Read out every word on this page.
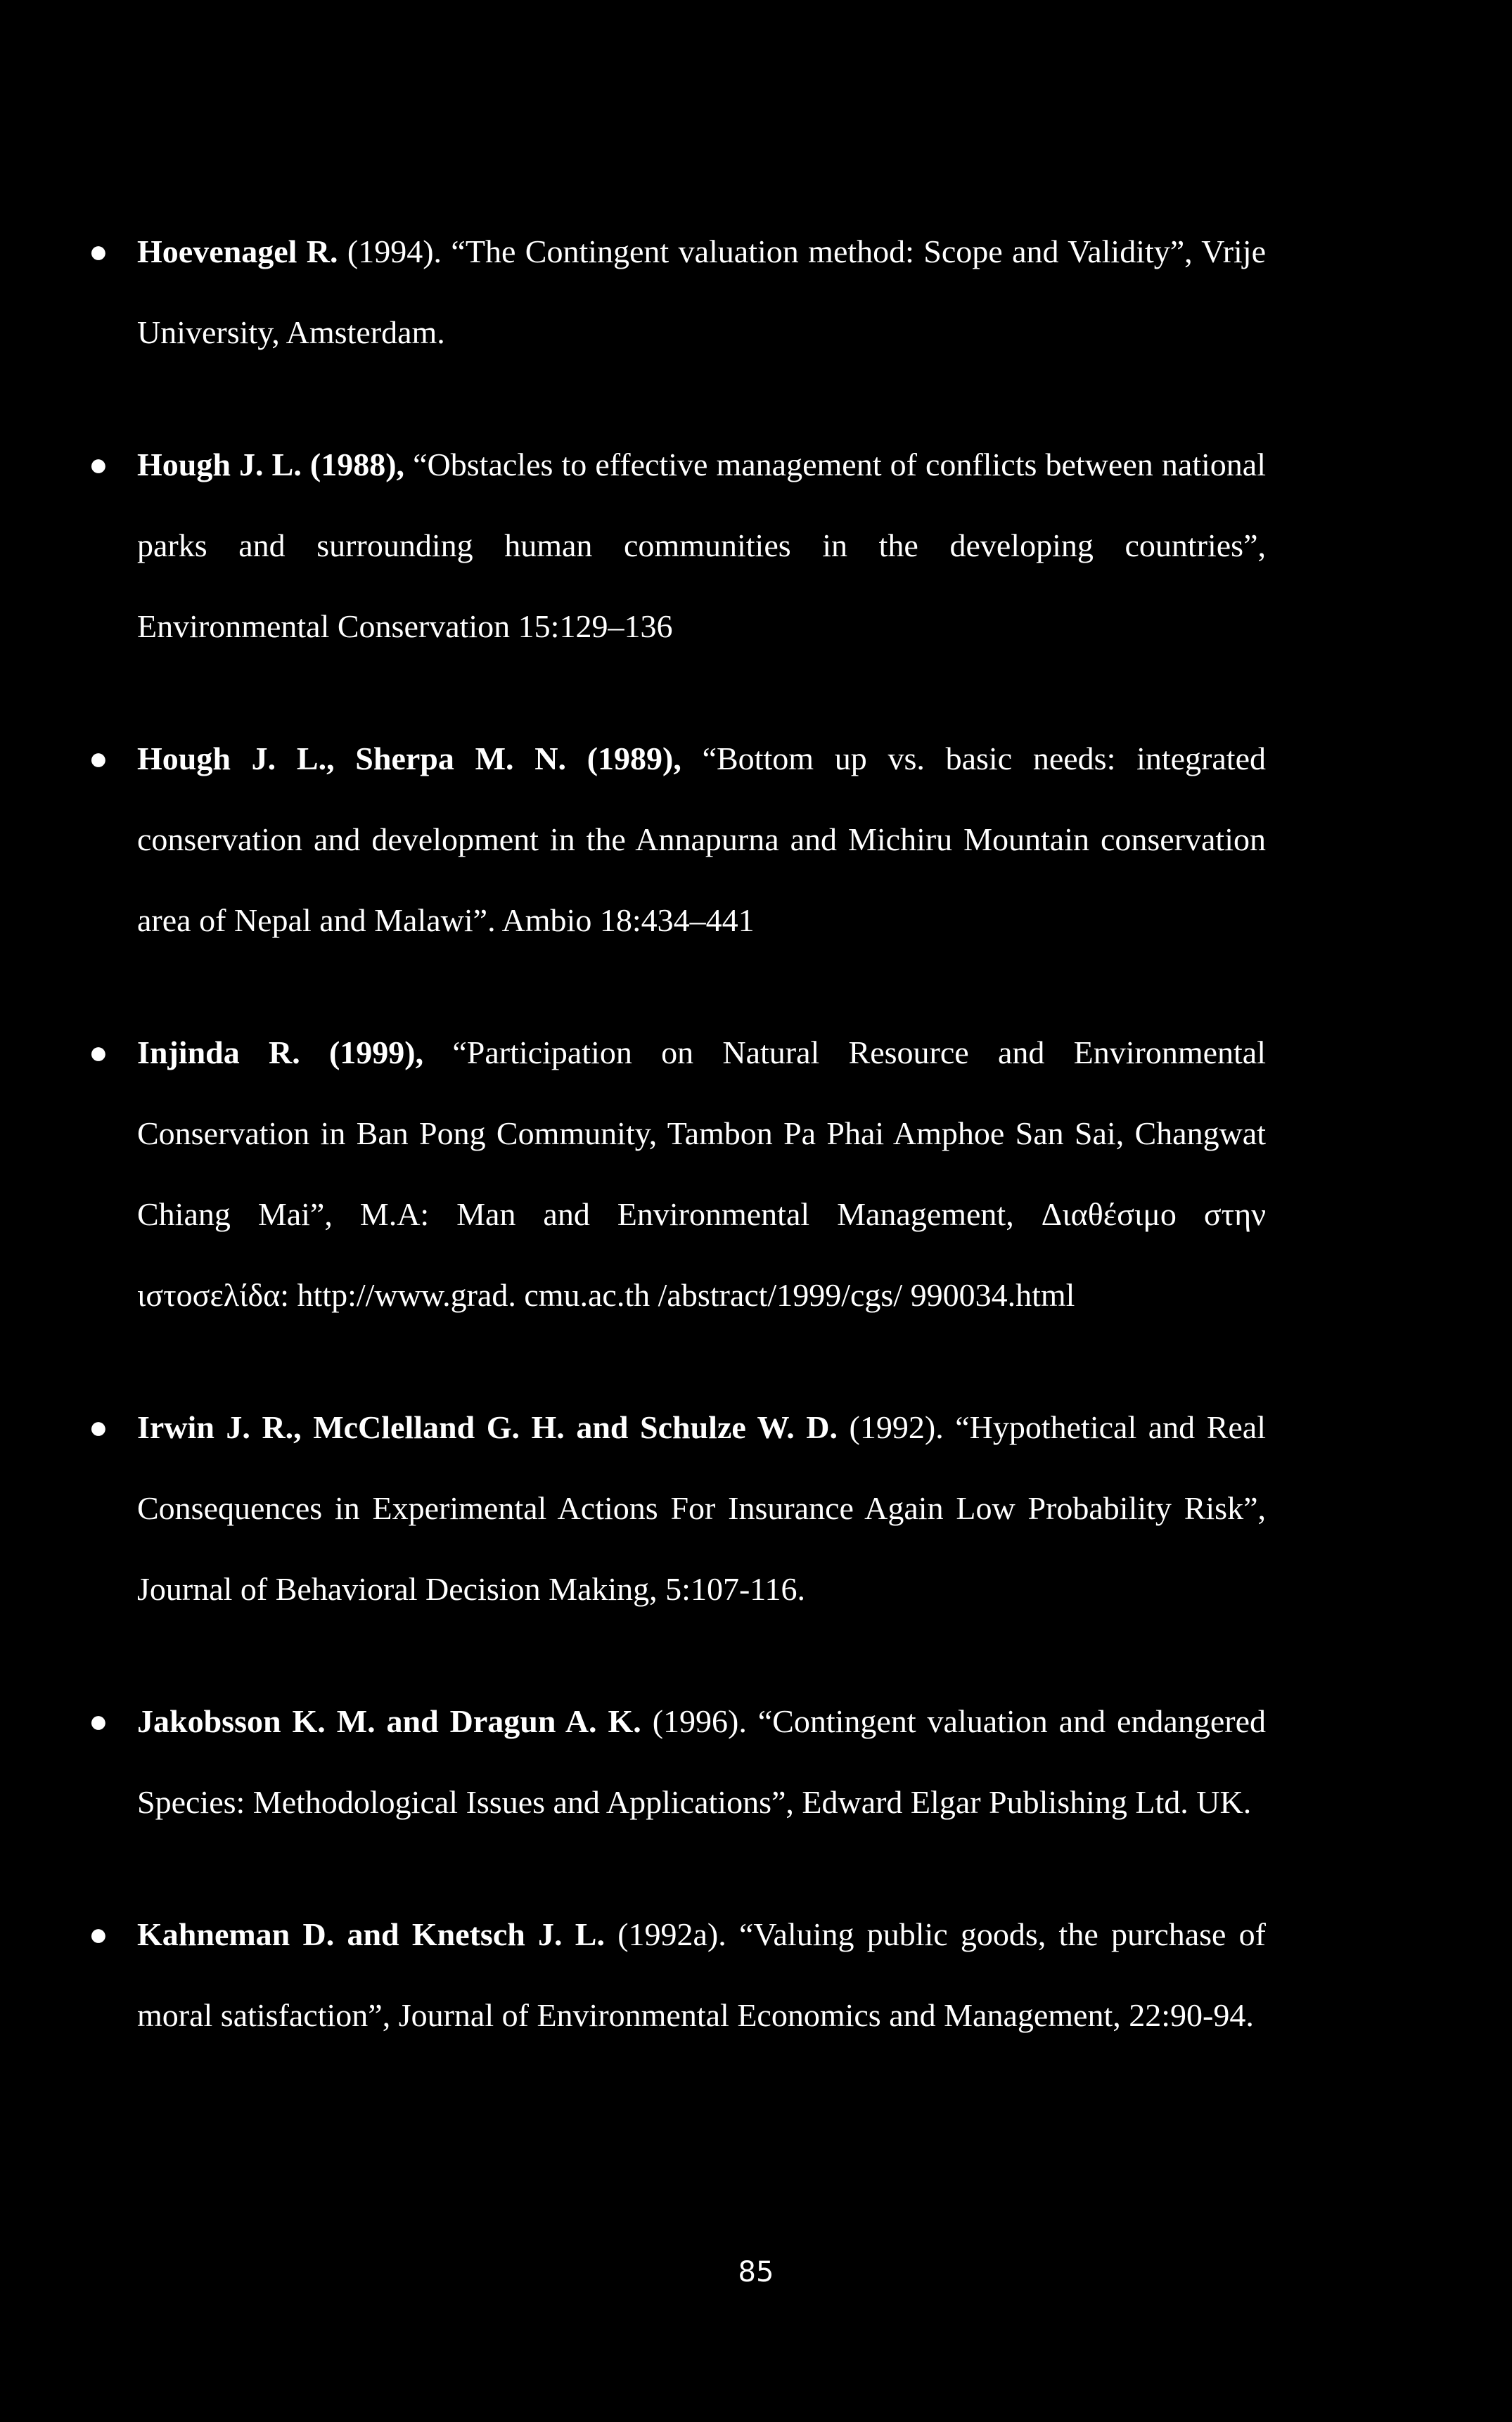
● Hoevenagel R. (1994). “The Contingent valuation method: Scope and Validity”, Vrije University, Amsterdam.
● Hough J. L. (1988), “Obstacles to effective management of conflicts between national parks and surrounding human communities in the developing countries”, Environmental Conservation 15:129–136
● Hough J. L., Sherpa M. N. (1989), “Bottom up vs. basic needs: integrated conservation and development in the Annapurna and Michiru Mountain conservation area of Nepal and Malawi”. Ambio 18:434–441
● Injinda R. (1999), “Participation on Natural Resource and Environmental Conservation in Ban Pong Community, Tambon Pa Phai Amphoe San Sai, Changwat Chiang Mai”, M.A: Man and Environmental Management, Διαθέσιμο στην ιστοσελίδα: http://www.grad. cmu.ac.th /abstract/1999/cgs/ 990034.html
● Irwin J. R., McClelland G. H. and Schulze W. D. (1992). “Hypothetical and Real Consequences in Experimental Actions For Insurance Again Low Probability Risk”, Journal of Behavioral Decision Making, 5:107-116.
● Jakobsson K. M. and Dragun A. K. (1996). “Contingent valuation and endangered Species: Methodological Issues and Applications”, Edward Elgar Publishing Ltd. UK.
● Kahneman D. and Knetsch J. L. (1992a). “Valuing public goods, the purchase of moral satisfaction”, Journal of Environmental Economics and Management, 22:90-94.
85
